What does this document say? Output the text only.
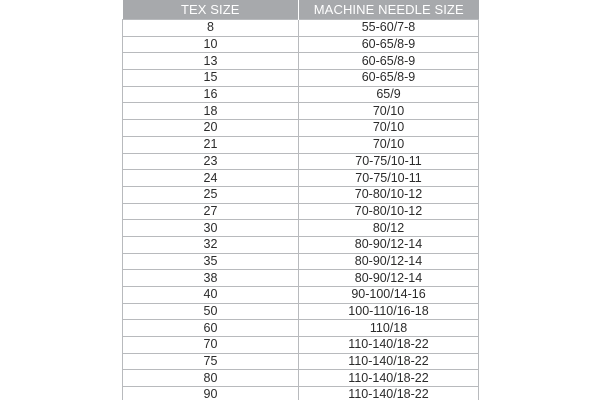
TEX SIZE	MACHINE NEEDLE SIZE
8	55-60/7-8
10	60-65/8-9
13	60-65/8-9
15	60-65/8-9
16	65/9
18	70/10
20	70/10
21	70/10
23	70-75/10-11
24	70-75/10-11
25	70-80/10-12
27	70-80/10-12
30	80/12
32	80-90/12-14
35	80-90/12-14
38	80-90/12-14
40	90-100/14-16
50	100-110/16-18
60	110/18
70	110-140/18-22
75	110-140/18-22
80	110-140/18-22
90	110-140/18-22
